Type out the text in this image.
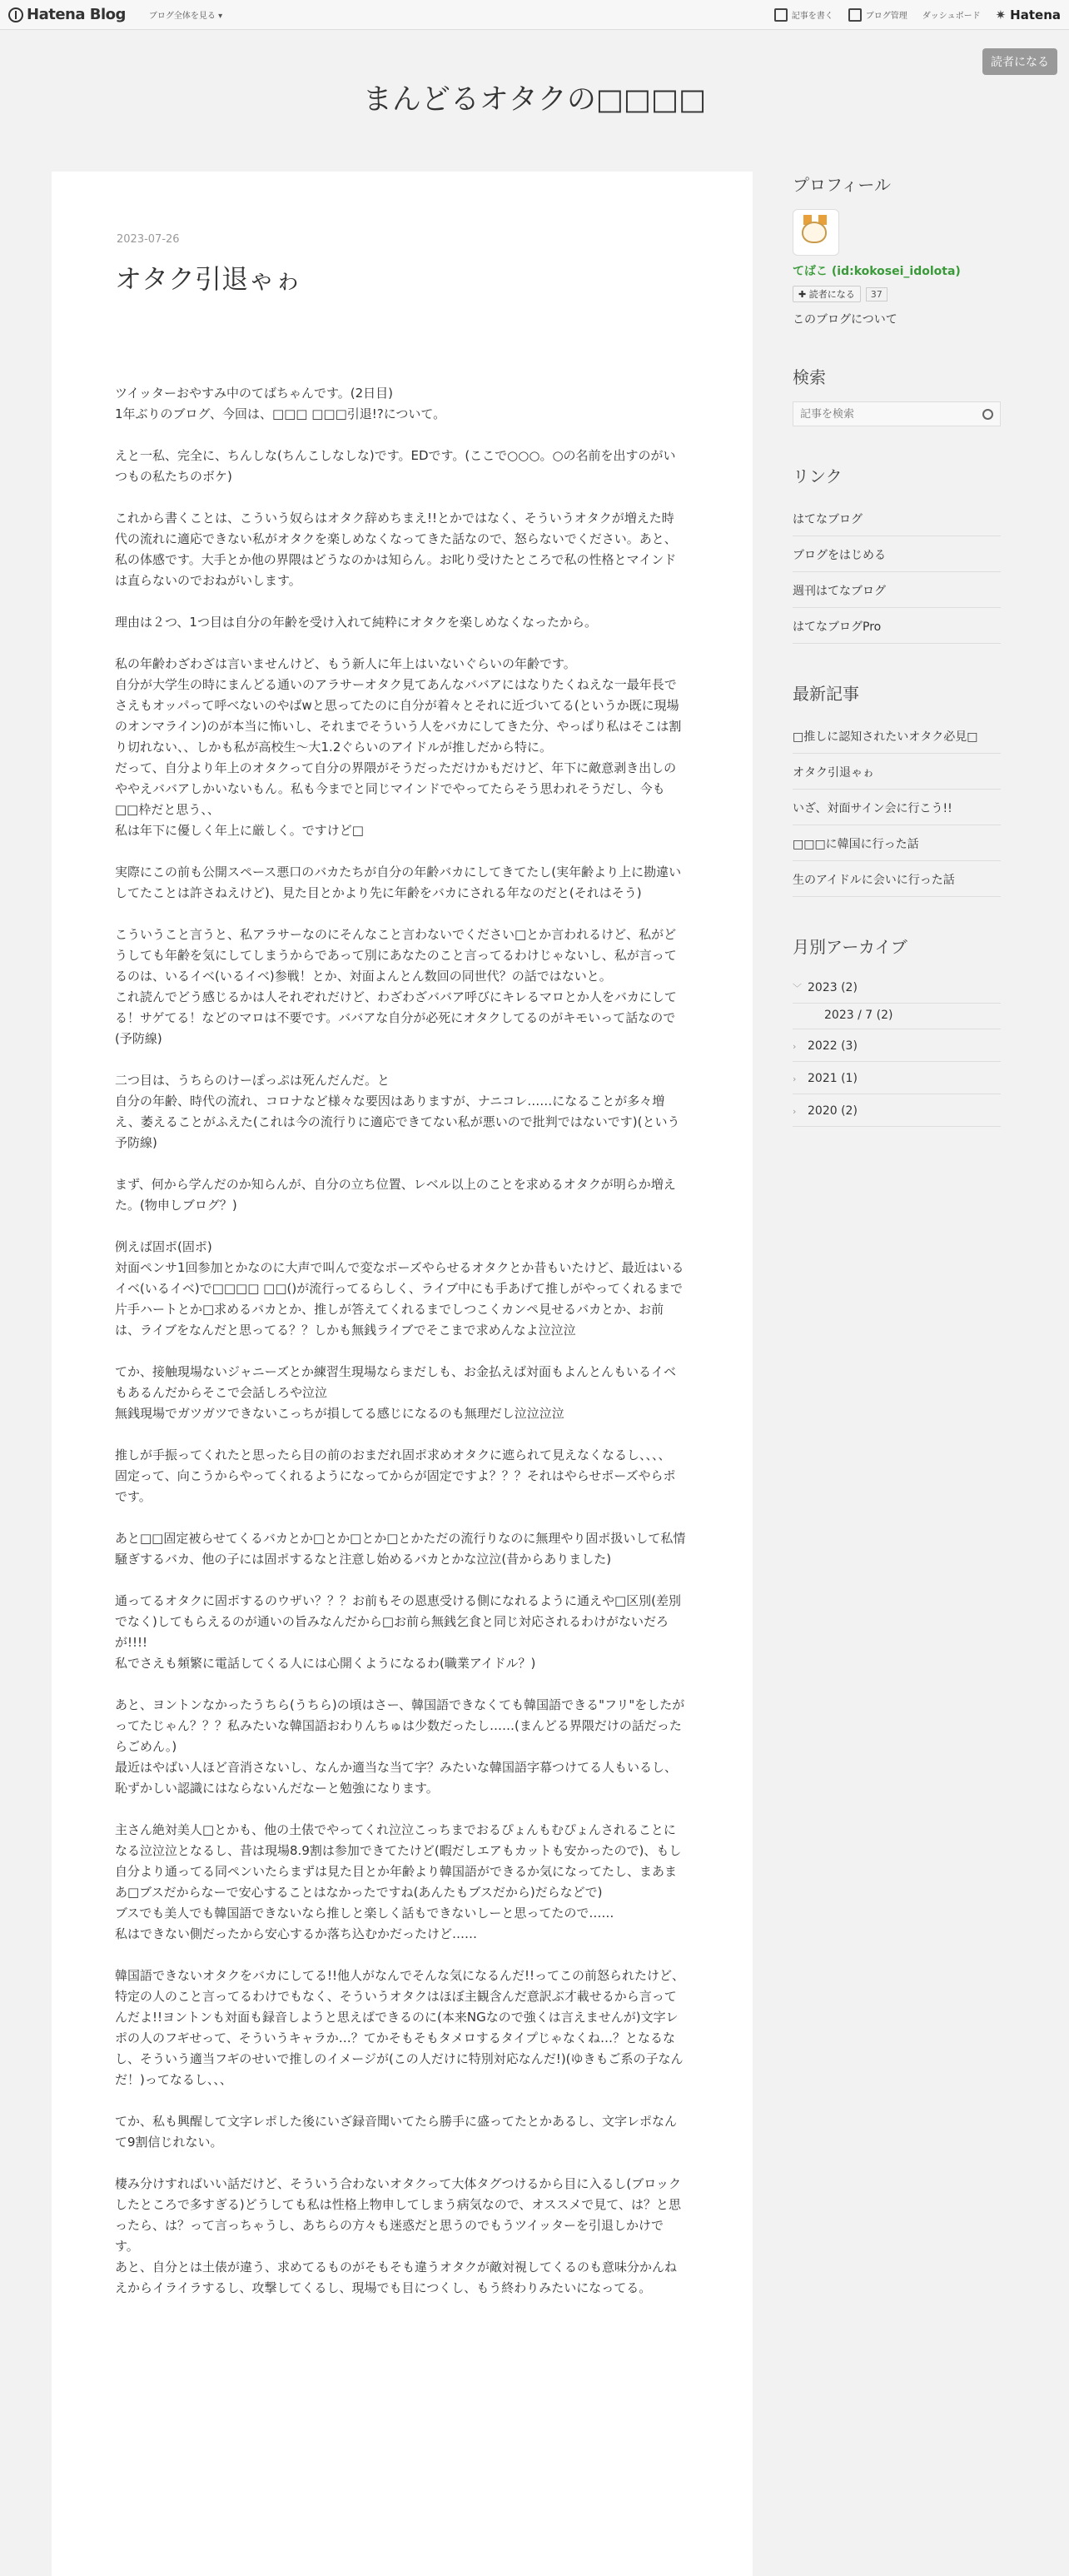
Hatena Blog	ブログ全体を見る ▾	記事を書く	ブログ管理 ダッシュボード ✷ Hatena
読者になる
まんどるオタクの□□□□
2023-07-26
オタク引退ゃゎ

ツイッターおやすみ中のてばちゃんです。(2日目)
1年ぶりのブログ、今回は、□□□ □□□引退!?について。

えと一私、完全に、ちんしな(ちんこしなしな)です。EDです。(ここで○○○。○の名前を出すのがいつもの私たちのボケ)

これから書くことは、こういう奴らはオタク辞めちまえ!!とかではなく、そういうオタクが増えた時代の流れに適応できない私がオタクを楽しめなくなってきた話なので、怒らないでください。あと、私の体感です。大手とか他の界隈はどうなのかは知らん。お叱り受けたところで私の性格とマインドは直らないのでおねがいします。

理由は２つ、1つ目は自分の年齢を受け入れて純粋にオタクを楽しめなくなったから。

私の年齢わざわざは言いませんけど、もう新人に年上はいないぐらいの年齢です。
自分が大学生の時にまんどる通いのアラサーオタク見てあんなババアにはなりたくねえな一最年長でさえもオッパって呼べないのやばwと思ってたのに自分が着々とそれに近づいてる(というか既に現場のオンマライン)のが本当に怖いし、それまでそういう人をバカにしてきた分、やっぱり私はそこは割り切れない、、しかも私が高校生〜大1.2ぐらいのアイドルが推しだから特に。
だって、自分より年上のオタクって自分の界隈がそうだっただけかもだけど、年下に敵意剥き出しのややえババアしかいないもん。私も今までと同じマインドでやってたらそう思われそうだし、今も□□枠だと思う、、
私は年下に優しく年上に厳しく。ですけど□

実際にこの前も公開スペース悪口のバカたちが自分の年齢バカにしてきてたし(実年齢より上に勘違いしてたことは許さねえけど)、見た目とかより先に年齢をバカにされる年なのだと(それはそう)

こういうこと言うと、私アラサーなのにそんなこと言わないでください□とか言われるけど、私がどうしても年齢を気にしてしまうからであって別にあなたのこと言ってるわけじゃないし、私が言ってるのは、いるイベ(いるイベ)参戦！とか、対面よんとん数回の同世代？の話ではないと。
これ読んでどう感じるかは人それぞれだけど、わざわざババア呼びにキレるマロとか人をバカにしてる！サゲてる！などのマロは不要です。ババアな自分が必死にオタクしてるのがキモいって話なので(予防線)

二つ目は、うちらのけーぽっぷは死んだんだ。と
自分の年齢、時代の流れ、コロナなど様々な要因はありますが、ナニコレ……になることが多々増え、萎えることがふえた(これは今の流行りに適応できてない私が悪いので批判ではないです)(という予防線)

まず、何から学んだのか知らんが、自分の立ち位置、レベル以上のことを求めるオタクが明らか増えた。(物申しブログ？)

例えば固ポ(固ポ)
対面ペンサ1回参加とかなのに大声で叫んで変なポーズやらせるオタクとか昔もいたけど、最近はいるイベ(いるイベ)で□□□□ □□()が流行ってるらしく、ライブ中にも手あげて推しがやってくれるまで片手ハートとか□求めるバカとか、推しが答えてくれるまでしつこくカンペ見せるバカとか、お前は、ライブをなんだと思ってる？？しかも無銭ライブでそこまで求めんなよ泣泣泣

てか、接触現場ないジャニーズとか練習生現場ならまだしも、お金払えば対面もよんとんもいるイベもあるんだからそこで会話しろや泣泣
無銭現場でガツガツできないこっちが損してる感じになるのも無理だし泣泣泣泣

推しが手振ってくれたと思ったら目の前のおまだれ固ポ求めオタクに遮られて見えなくなるし、、、、
固定って、向こうからやってくれるようになってからが固定ですよ？？？それはやらせポーズやらポです。

あと□□固定被らせてくるバカとか□とか□とか□とかただの流行りなのに無理やり固ポ扱いして私情騒ぎするバカ、他の子には固ポするなと注意し始めるバカとかな泣泣(昔からありました)

通ってるオタクに固ポするのウザい？？？お前もその恩恵受ける側になれるように通えや□区別(差別でなく)してもらえるのが通いの旨みなんだから□お前ら無銭乞食と同じ対応されるわけがないだろが!!!!
私でさえも頻繁に電話してくる人には心開くようになるわ(職業アイドル？)

あと、ヨントンなかったうちら(うちら)の頃はさー、韓国語できなくても韓国語できる"フリ"をしたがってたじゃん？？？私みたいな韓国語おわりんちゅは少数だったし……(まんどる界隈だけの話だったらごめん。)
最近はやばい人ほど音消さないし、なんか適当な当て字？みたいな韓国語字幕つけてる人もいるし、恥ずかしい認識にはならないんだなーと勉強になります。

主さん絶対美人□とかも、他の土俵でやってくれ泣泣こっちまでおるぴょんもむぴょんされることになる泣泣泣となるし、昔は現場8.9割は参加できてたけど(暇だしエアもカットも安かったので)、もし自分より通ってる同ペンいたらまずは見た目とか年齢より韓国語ができるか気になってたし、まあまあ□ブスだからなーで安心することはなかったですね(あんたもブスだから)だらなどで)
ブスでも美人でも韓国語できないなら推しと楽しく話もできないしーと思ってたので……
私はできない側だったから安心するか落ち込むかだったけど……

韓国語できないオタクをバカにしてる!!他人がなんでそんな気になるんだ!!ってこの前怒られたけど、特定の人のこと言ってるわけでもなく、そういうオタクはほぼ主観含んだ意訳ぶ才載せるから言ってんだよ!!ヨントンも対面も録音しようと思えばできるのに(本来NGなので強くは言えませんが)文字レポの人のフギせって、そういうキャラか…？てかそもそもタメロするタイプじゃなくね…？となるなし、そういう適当フギのせいで推しのイメージが(この人だけに特別対応なんだ!)(ゆきもご系の子なんだ！)ってなるし、、、

てか、私も興醒して文字レポした後にいざ録音聞いてたら勝手に盛ってたとかあるし、文字レポなんて9割信じれない。

棲み分けすればいい話だけど、そういう合わないオタクって大体タグつけるから目に入るし(ブロックしたところで多すぎる)どうしても私は性格上物申してしまう病気なので、オススメで見て、は？と思ったら、は？って言っちゃうし、あちらの方々も迷惑だと思うのでもうツイッターを引退しかけです。
あと、自分とは土俵が違う、求めてるものがそもそも違うオタクが敵対視してくるのも意味分かんねえからイライラするし、攻撃してくるし、現場でも目につくし、もう終わりみたいになってる。

プロフィール
てばこ (id:kokosei_idolota)
✚ 読者になる	37
このブログについて
検索
記事を検索
リンク
はてなブログ
ブログをはじめる
週刊はてなブログ
はてなブログPro
最新記事
□推しに認知されたいオタク必見□
オタク引退ゃゎ
いざ、対面サイン会に行こう!!
□□□に韓国に行った話
生のアイドルに会いに行った話
月別アーカイブ
﹀ 2023 (2)
2023 / 7 (2)
› 2022 (3)
› 2021 (1)
› 2020 (2)
